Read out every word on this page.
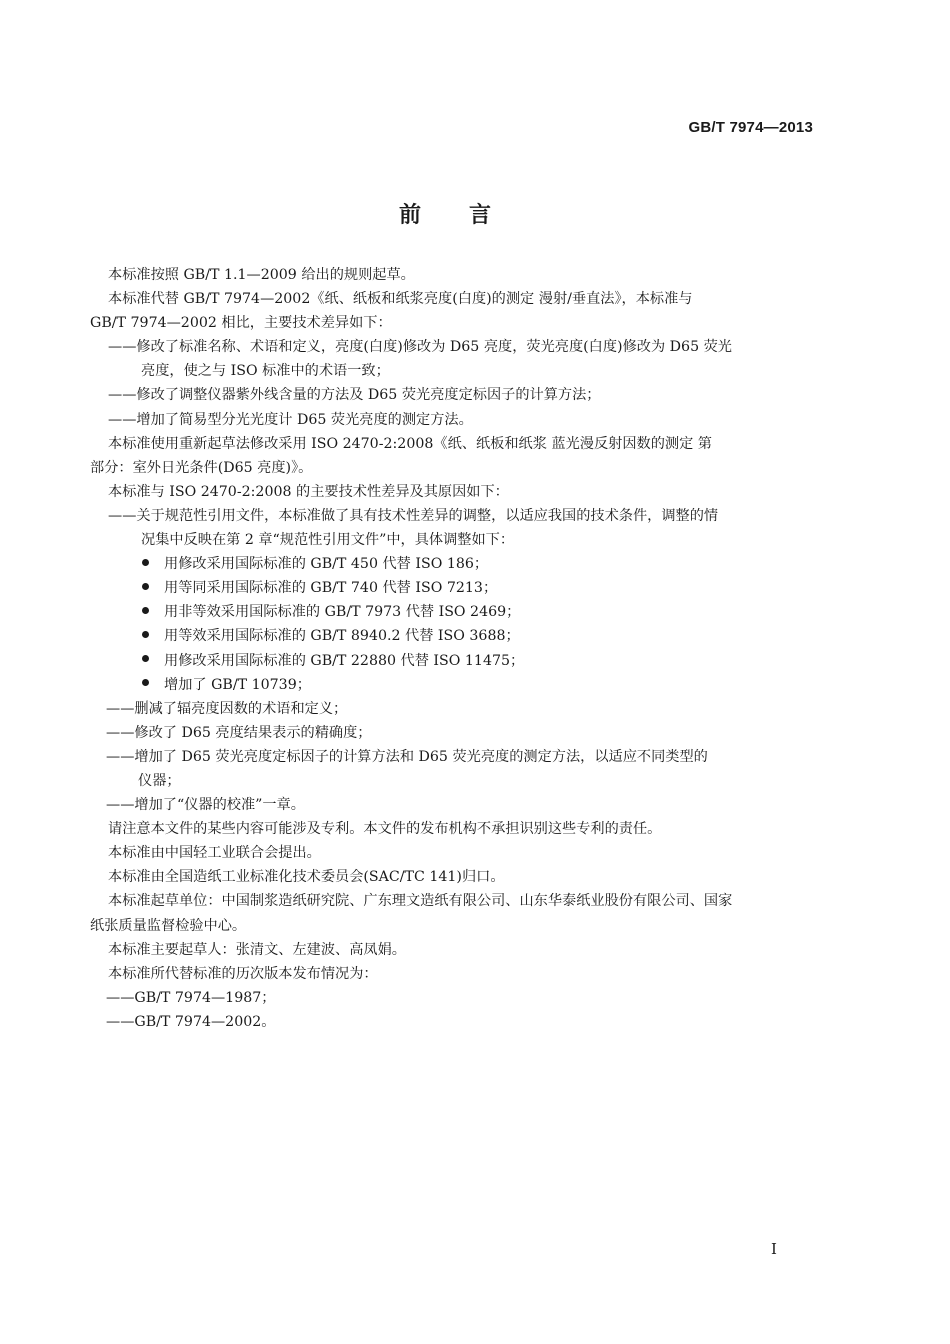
GB/T 7974—2013
前言
本标准按照 GB/T 1.1—2009 给出的规则起草。
本标准代替 GB/T 7974—2002《纸、纸板和纸浆亮度(白度)的测定 漫射/垂直法》，本标准与
GB/T 7974—2002 相比，主要技术差异如下：
——修改了标准名称、术语和定义，亮度(白度)修改为 D65 亮度，荧光亮度(白度)修改为 D65 荧光
亮度，使之与 ISO 标准中的术语一致；
——修改了调整仪器紫外线含量的方法及 D65 荧光亮度定标因子的计算方法；
——增加了简易型分光光度计 D65 荧光亮度的测定方法。
本标准使用重新起草法修改采用 ISO 2470-2:2008《纸、纸板和纸浆 蓝光漫反射因数的测定 第
部分：室外日光条件(D65 亮度)》。
本标准与 ISO 2470-2:2008 的主要技术性差异及其原因如下：
——关于规范性引用文件，本标准做了具有技术性差异的调整，以适应我国的技术条件，调整的情
况集中反映在第 2 章“规范性引用文件”中，具体调整如下：
用修改采用国际标准的 GB/T 450 代替 ISO 186；
用等同采用国际标准的 GB/T 740 代替 ISO 7213；
用非等效采用国际标准的 GB/T 7973 代替 ISO 2469；
用等效采用国际标准的 GB/T 8940.2 代替 ISO 3688；
用修改采用国际标准的 GB/T 22880 代替 ISO 11475；
增加了 GB/T 10739；
——删减了辐亮度因数的术语和定义；
——修改了 D65 亮度结果表示的精确度；
——增加了 D65 荧光亮度定标因子的计算方法和 D65 荧光亮度的测定方法，以适应不同类型的
仪器；
——增加了“仪器的校准”一章。
请注意本文件的某些内容可能涉及专利。本文件的发布机构不承担识别这些专利的责任。
本标准由中国轻工业联合会提出。
本标准由全国造纸工业标准化技术委员会(SAC/TC 141)归口。
本标准起草单位：中国制浆造纸研究院、广东理文造纸有限公司、山东华泰纸业股份有限公司、国家
纸张质量监督检验中心。
本标准主要起草人：张清文、左建波、高凤娟。
本标准所代替标准的历次版本发布情况为：
——GB/T 7974—1987；
——GB/T 7974—2002。
I
